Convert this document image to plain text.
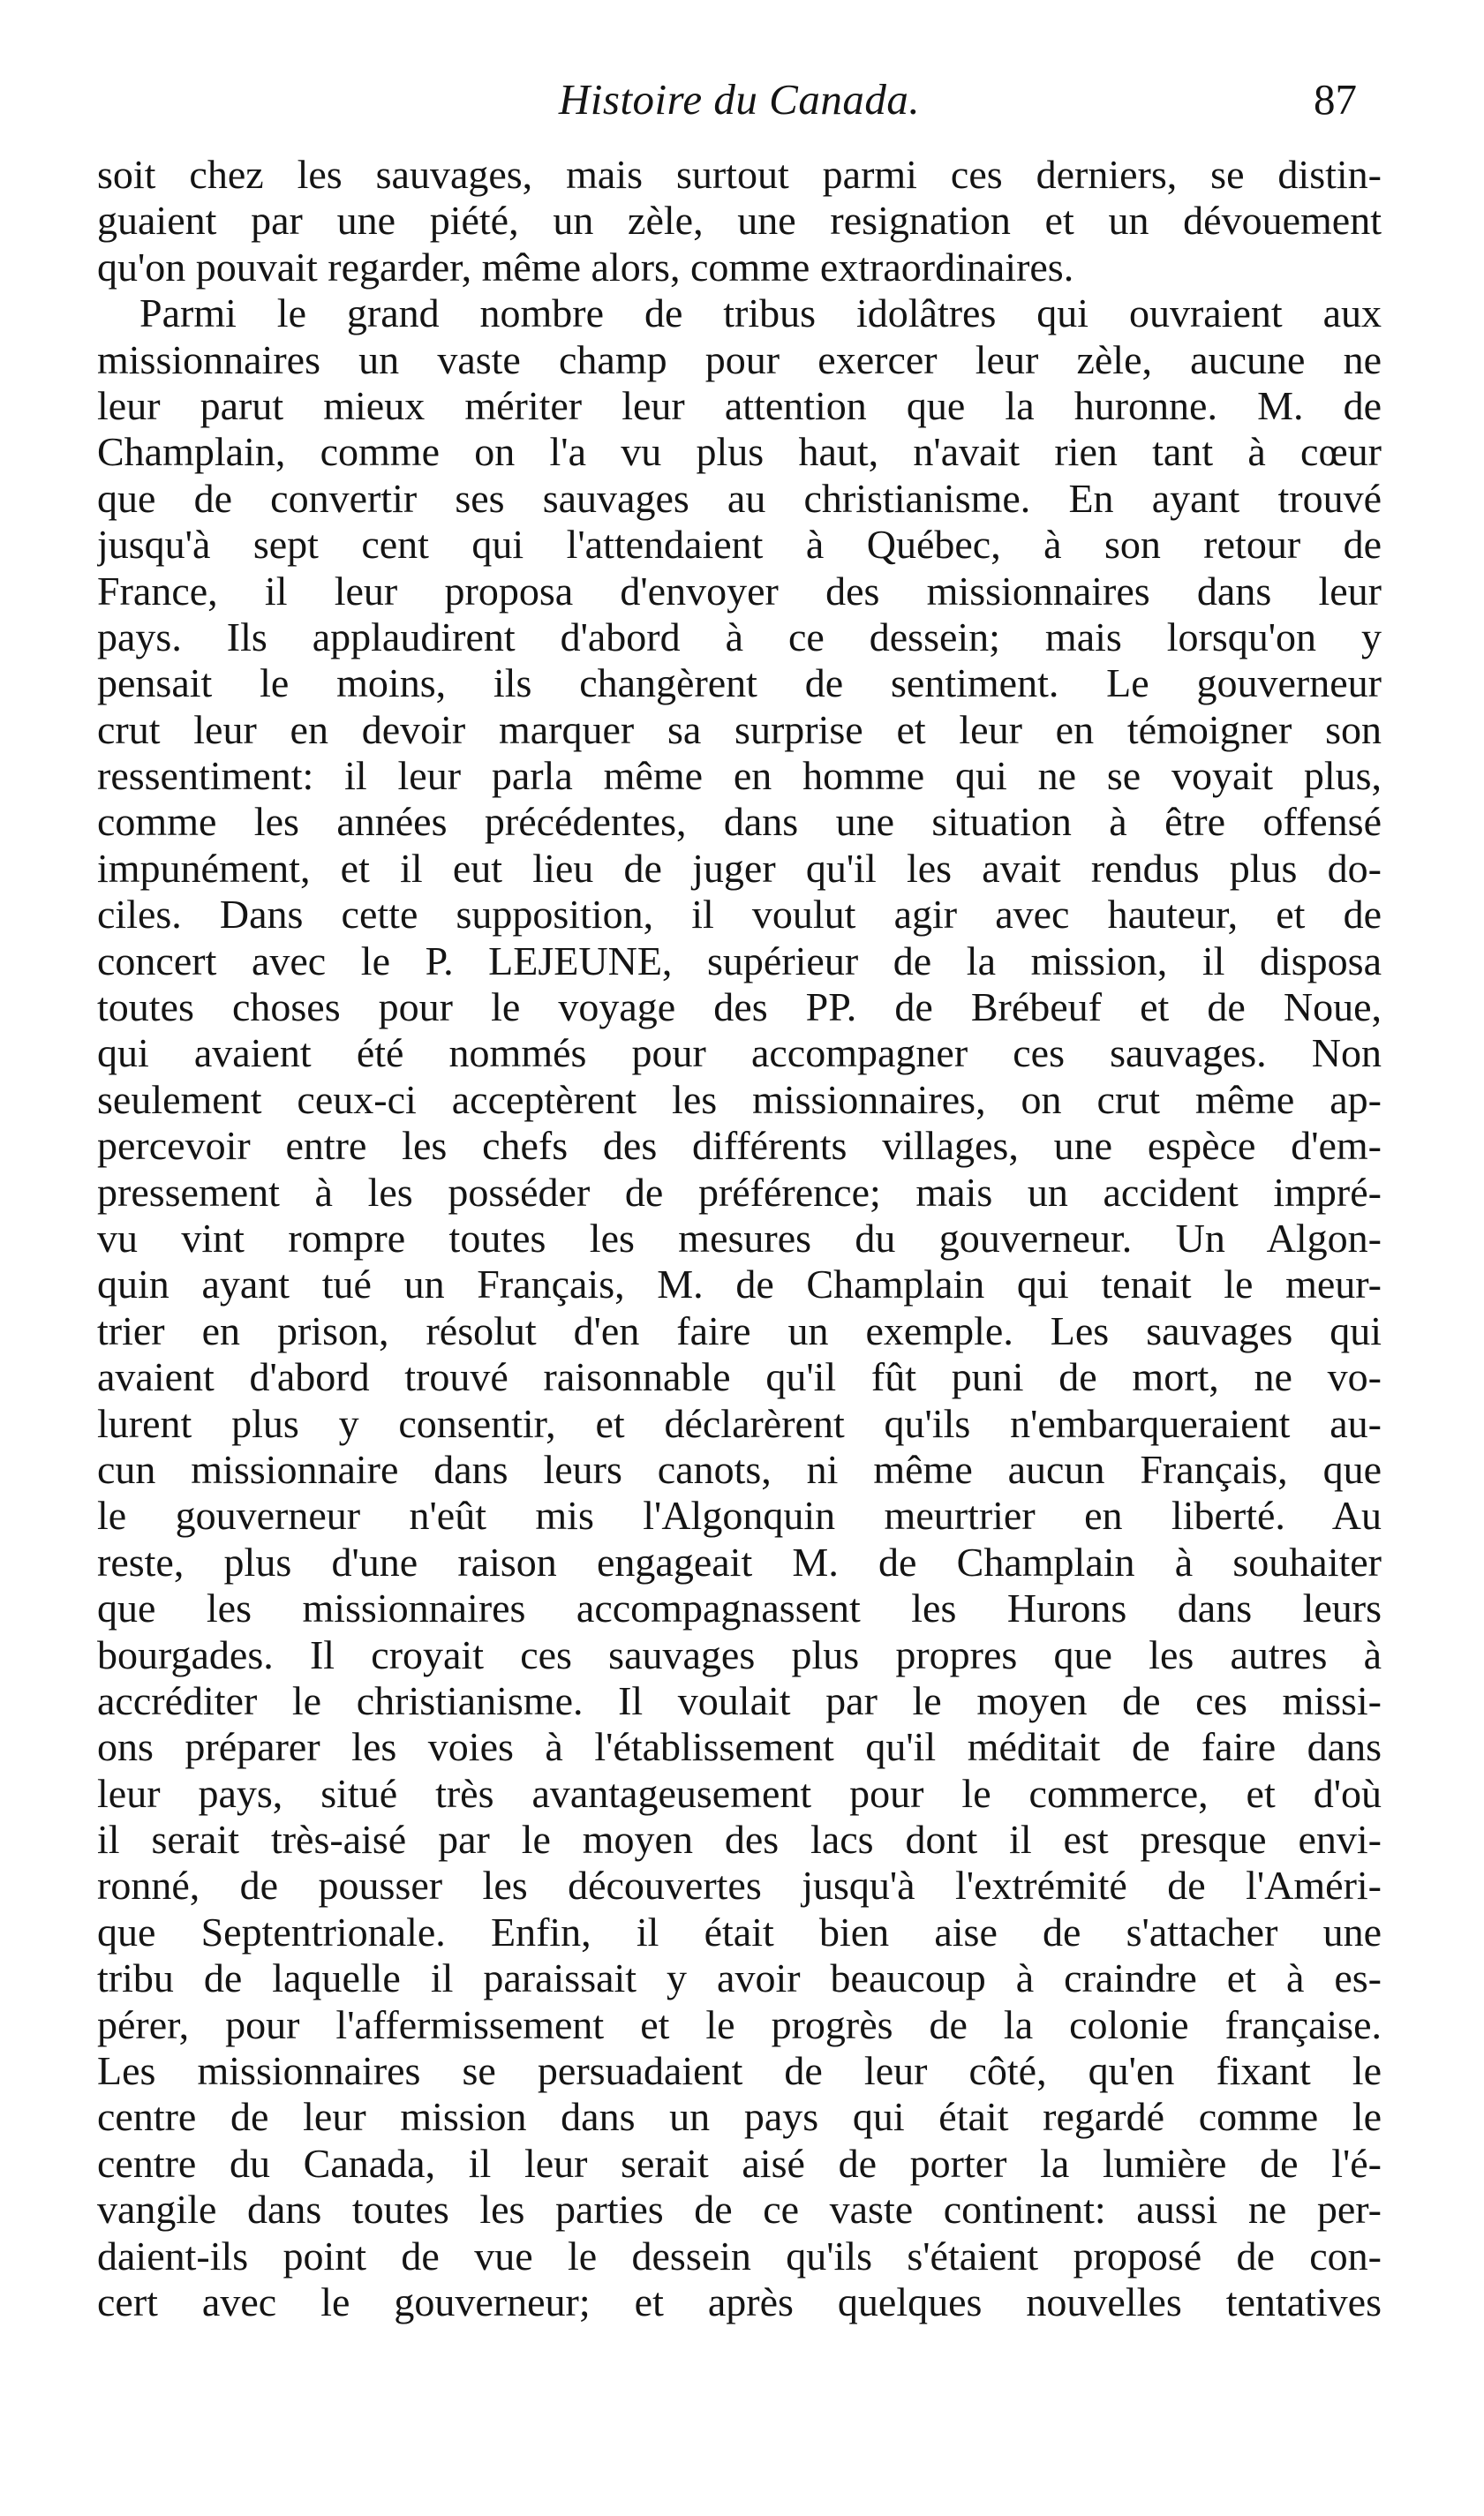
Histoire du Canada.	87
soit chez les sauvages, mais surtout parmi ces derniers, se distin-
guaient par une piété, un zèle, une resignation et un dévouement
qu'on pouvait regarder, même alors, comme extraordinaires.
Parmi le grand nombre de tribus idolâtres qui ouvraient aux
missionnaires un vaste champ pour exercer leur zèle, aucune ne
leur parut mieux mériter leur attention que la huronne. M. de
Champlain, comme on l'a vu plus haut, n'avait rien tant à cœur
que de convertir ses sauvages au christianisme. En ayant trouvé
jusqu'à sept cent qui l'attendaient à Québec, à son retour de
France, il leur proposa d'envoyer des missionnaires dans leur
pays. Ils applaudirent d'abord à ce dessein; mais lorsqu'on y
pensait le moins, ils changèrent de sentiment. Le gouverneur
crut leur en devoir marquer sa surprise et leur en témoigner son
ressentiment: il leur parla même en homme qui ne se voyait plus,
comme les années précédentes, dans une situation à être offensé
impunément, et il eut lieu de juger qu'il les avait rendus plus do-
ciles. Dans cette supposition, il voulut agir avec hauteur, et de
concert avec le P. LEJEUNE, supérieur de la mission, il disposa
toutes choses pour le voyage des PP. de Brébeuf et de Noue,
qui avaient été nommés pour accompagner ces sauvages. Non
seulement ceux-ci acceptèrent les missionnaires, on crut même ap-
percevoir entre les chefs des différents villages, une espèce d'em-
pressement à les posséder de préférence; mais un accident impré-
vu vint rompre toutes les mesures du gouverneur. Un Algon-
quin ayant tué un Français, M. de Champlain qui tenait le meur-
trier en prison, résolut d'en faire un exemple. Les sauvages qui
avaient d'abord trouvé raisonnable qu'il fût puni de mort, ne vo-
lurent plus y consentir, et déclarèrent qu'ils n'embarqueraient au-
cun missionnaire dans leurs canots, ni même aucun Français, que
le gouverneur n'eût mis l'Algonquin meurtrier en liberté. Au
reste, plus d'une raison engageait M. de Champlain à souhaiter
que les missionnaires accompagnassent les Hurons dans leurs
bourgades. Il croyait ces sauvages plus propres que les autres à
accréditer le christianisme. Il voulait par le moyen de ces missi-
ons préparer les voies à l'établissement qu'il méditait de faire dans
leur pays, situé très avantageusement pour le commerce, et d'où
il serait très-aisé par le moyen des lacs dont il est presque envi-
ronné, de pousser les découvertes jusqu'à l'extrémité de l'Améri-
que Septentrionale. Enfin, il était bien aise de s'attacher une
tribu de laquelle il paraissait y avoir beaucoup à craindre et à es-
pérer, pour l'affermissement et le progrès de la colonie française.
Les missionnaires se persuadaient de leur côté, qu'en fixant le
centre de leur mission dans un pays qui était regardé comme le
centre du Canada, il leur serait aisé de porter la lumière de l'é-
vangile dans toutes les parties de ce vaste continent: aussi ne per-
daient-ils point de vue le dessein qu'ils s'étaient proposé de con-
cert avec le gouverneur; et après quelques nouvelles tentatives
